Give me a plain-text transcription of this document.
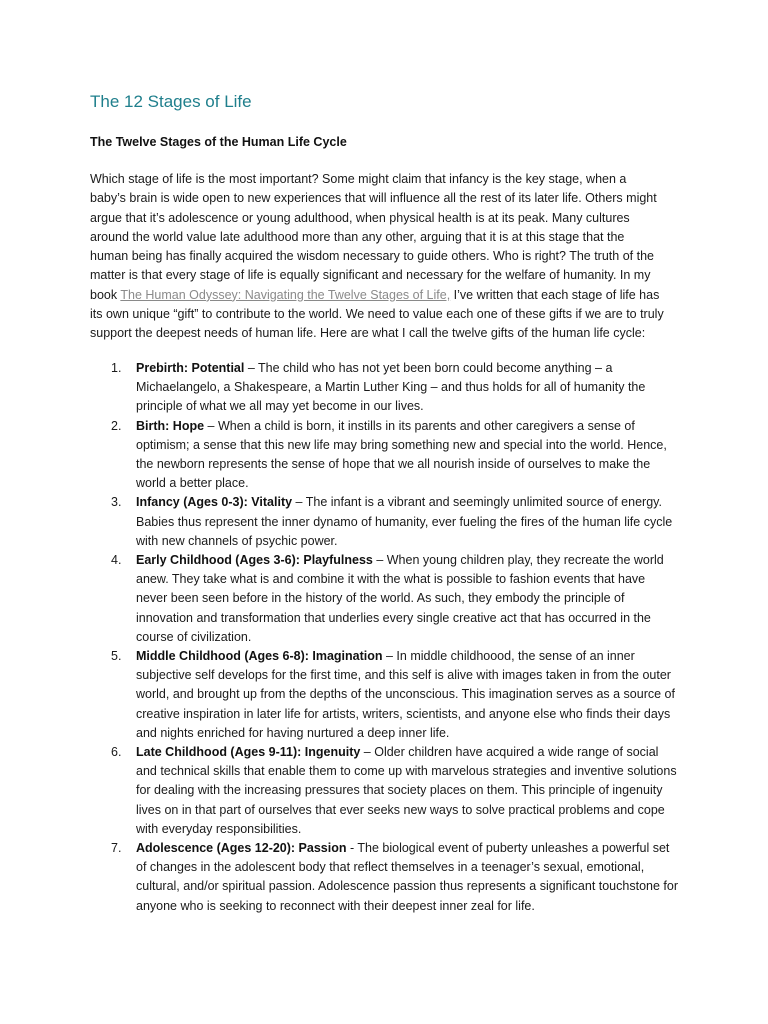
The 12 Stages of Life
The Twelve Stages of the Human Life Cycle

Which stage of life is the most important? Some might claim that infancy is the key stage, when a baby’s brain is wide open to new experiences that will influence all the rest of its later life. Others might argue that it’s adolescence or young adulthood, when physical health is at its peak. Many cultures around the world value late adulthood more than any other, arguing that it is at this stage that the human being has finally acquired the wisdom necessary to guide others. Who is right? The truth of the matter is that every stage of life is equally significant and necessary for the welfare of humanity. In my book The Human Odyssey: Navigating the Twelve Stages of Life, I’ve written that each stage of life has its own unique “gift” to contribute to the world. We need to value each one of these gifts if we are to truly support the deepest needs of human life. Here are what I call the twelve gifts of the human life cycle:

1. Prebirth: Potential – The child who has not yet been born could become anything – a Michaelangelo, a Shakespeare, a Martin Luther King – and thus holds for all of humanity the principle of what we all may yet become in our lives.
2. Birth: Hope – When a child is born, it instills in its parents and other caregivers a sense of optimism; a sense that this new life may bring something new and special into the world. Hence, the newborn represents the sense of hope that we all nourish inside of ourselves to make the world a better place.
3. Infancy (Ages 0-3): Vitality – The infant is a vibrant and seemingly unlimited source of energy. Babies thus represent the inner dynamo of humanity, ever fueling the fires of the human life cycle with new channels of psychic power.
4. Early Childhood (Ages 3-6): Playfulness – When young children play, they recreate the world anew. They take what is and combine it with the what is possible to fashion events that have never been seen before in the history of the world. As such, they embody the principle of innovation and transformation that underlies every single creative act that has occurred in the course of civilization.
5. Middle Childhood (Ages 6-8): Imagination – In middle childhoood, the sense of an inner subjective self develops for the first time, and this self is alive with images taken in from the outer world, and brought up from the depths of the unconscious. This imagination serves as a source of creative inspiration in later life for artists, writers, scientists, and anyone else who finds their days and nights enriched for having nurtured a deep inner life.
6. Late Childhood (Ages 9-11): Ingenuity – Older children have acquired a wide range of social and technical skills that enable them to come up with marvelous strategies and inventive solutions for dealing with the increasing pressures that society places on them. This principle of ingenuity lives on in that part of ourselves that ever seeks new ways to solve practical problems and cope with everyday responsibilities.
7. Adolescence (Ages 12-20): Passion - The biological event of puberty unleashes a powerful set of changes in the adolescent body that reflect themselves in a teenager’s sexual, emotional, cultural, and/or spiritual passion. Adolescence passion thus represents a significant touchstone for anyone who is seeking to reconnect with their deepest inner zeal for life.
